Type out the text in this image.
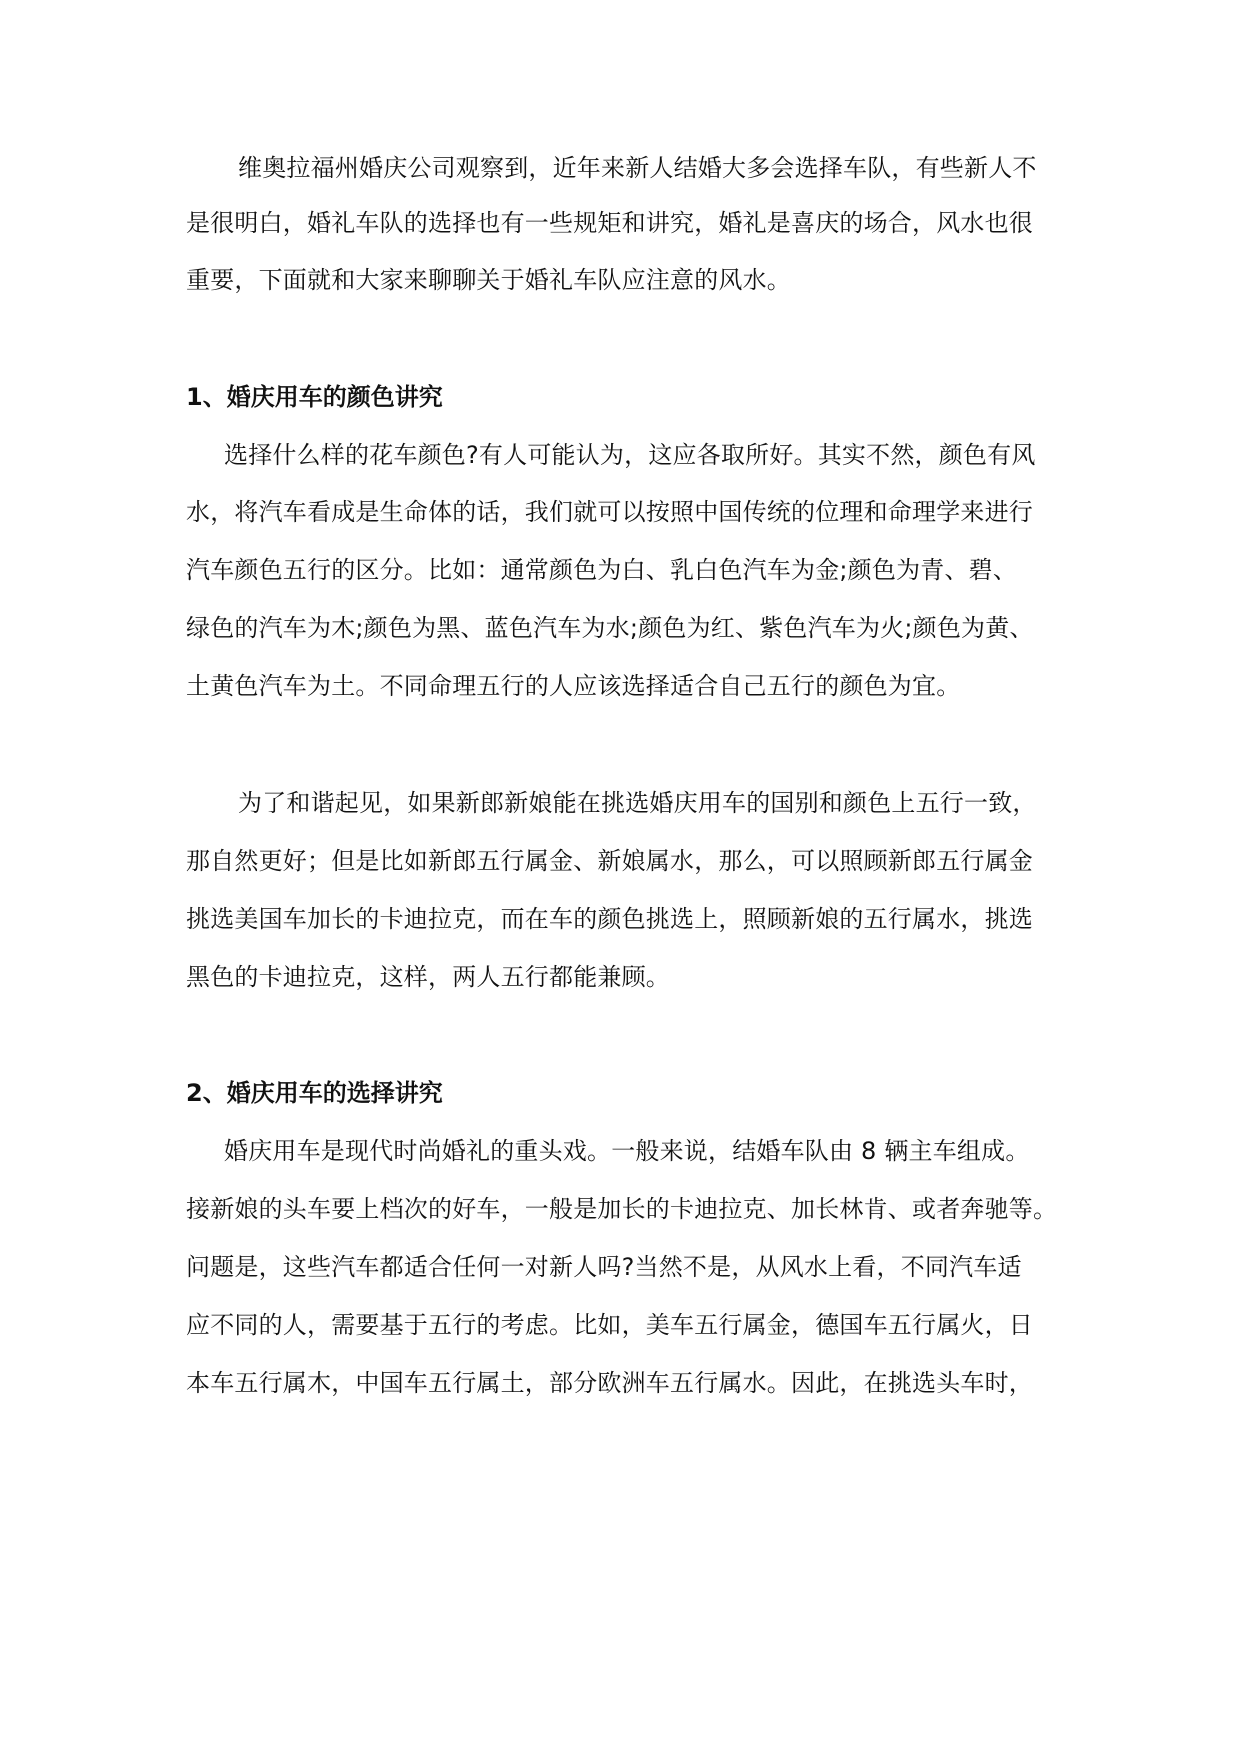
维奥拉福州婚庆公司观察到，近年来新人结婚大多会选择车队，有些新人不
是很明白，婚礼车队的选择也有一些规矩和讲究，婚礼是喜庆的场合，风水也很
重要，下面就和大家来聊聊关于婚礼车队应注意的风水。
1、婚庆用车的颜色讲究
选择什么样的花车颜色?有人可能认为，这应各取所好。其实不然，颜色有风
水，将汽车看成是生命体的话，我们就可以按照中国传统的位理和命理学来进行
汽车颜色五行的区分。比如：通常颜色为白、乳白色汽车为金;颜色为青、碧、
绿色的汽车为木;颜色为黑、蓝色汽车为水;颜色为红、紫色汽车为火;颜色为黄、
土黄色汽车为土。不同命理五行的人应该选择适合自己五行的颜色为宜。
为了和谐起见，如果新郎新娘能在挑选婚庆用车的国别和颜色上五行一致，
那自然更好；但是比如新郎五行属金、新娘属水，那么，可以照顾新郎五行属金
挑选美国车加长的卡迪拉克，而在车的颜色挑选上，照顾新娘的五行属水，挑选
黑色的卡迪拉克，这样，两人五行都能兼顾。
2、婚庆用车的选择讲究
婚庆用车是现代时尚婚礼的重头戏。一般来说，结婚车队由 8 辆主车组成。
接新娘的头车要上档次的好车，一般是加长的卡迪拉克、加长林肯、或者奔驰等。
问题是，这些汽车都适合任何一对新人吗?当然不是，从风水上看，不同汽车适
应不同的人，需要基于五行的考虑。比如，美车五行属金，德国车五行属火，日
本车五行属木，中国车五行属土，部分欧洲车五行属水。因此，在挑选头车时，
